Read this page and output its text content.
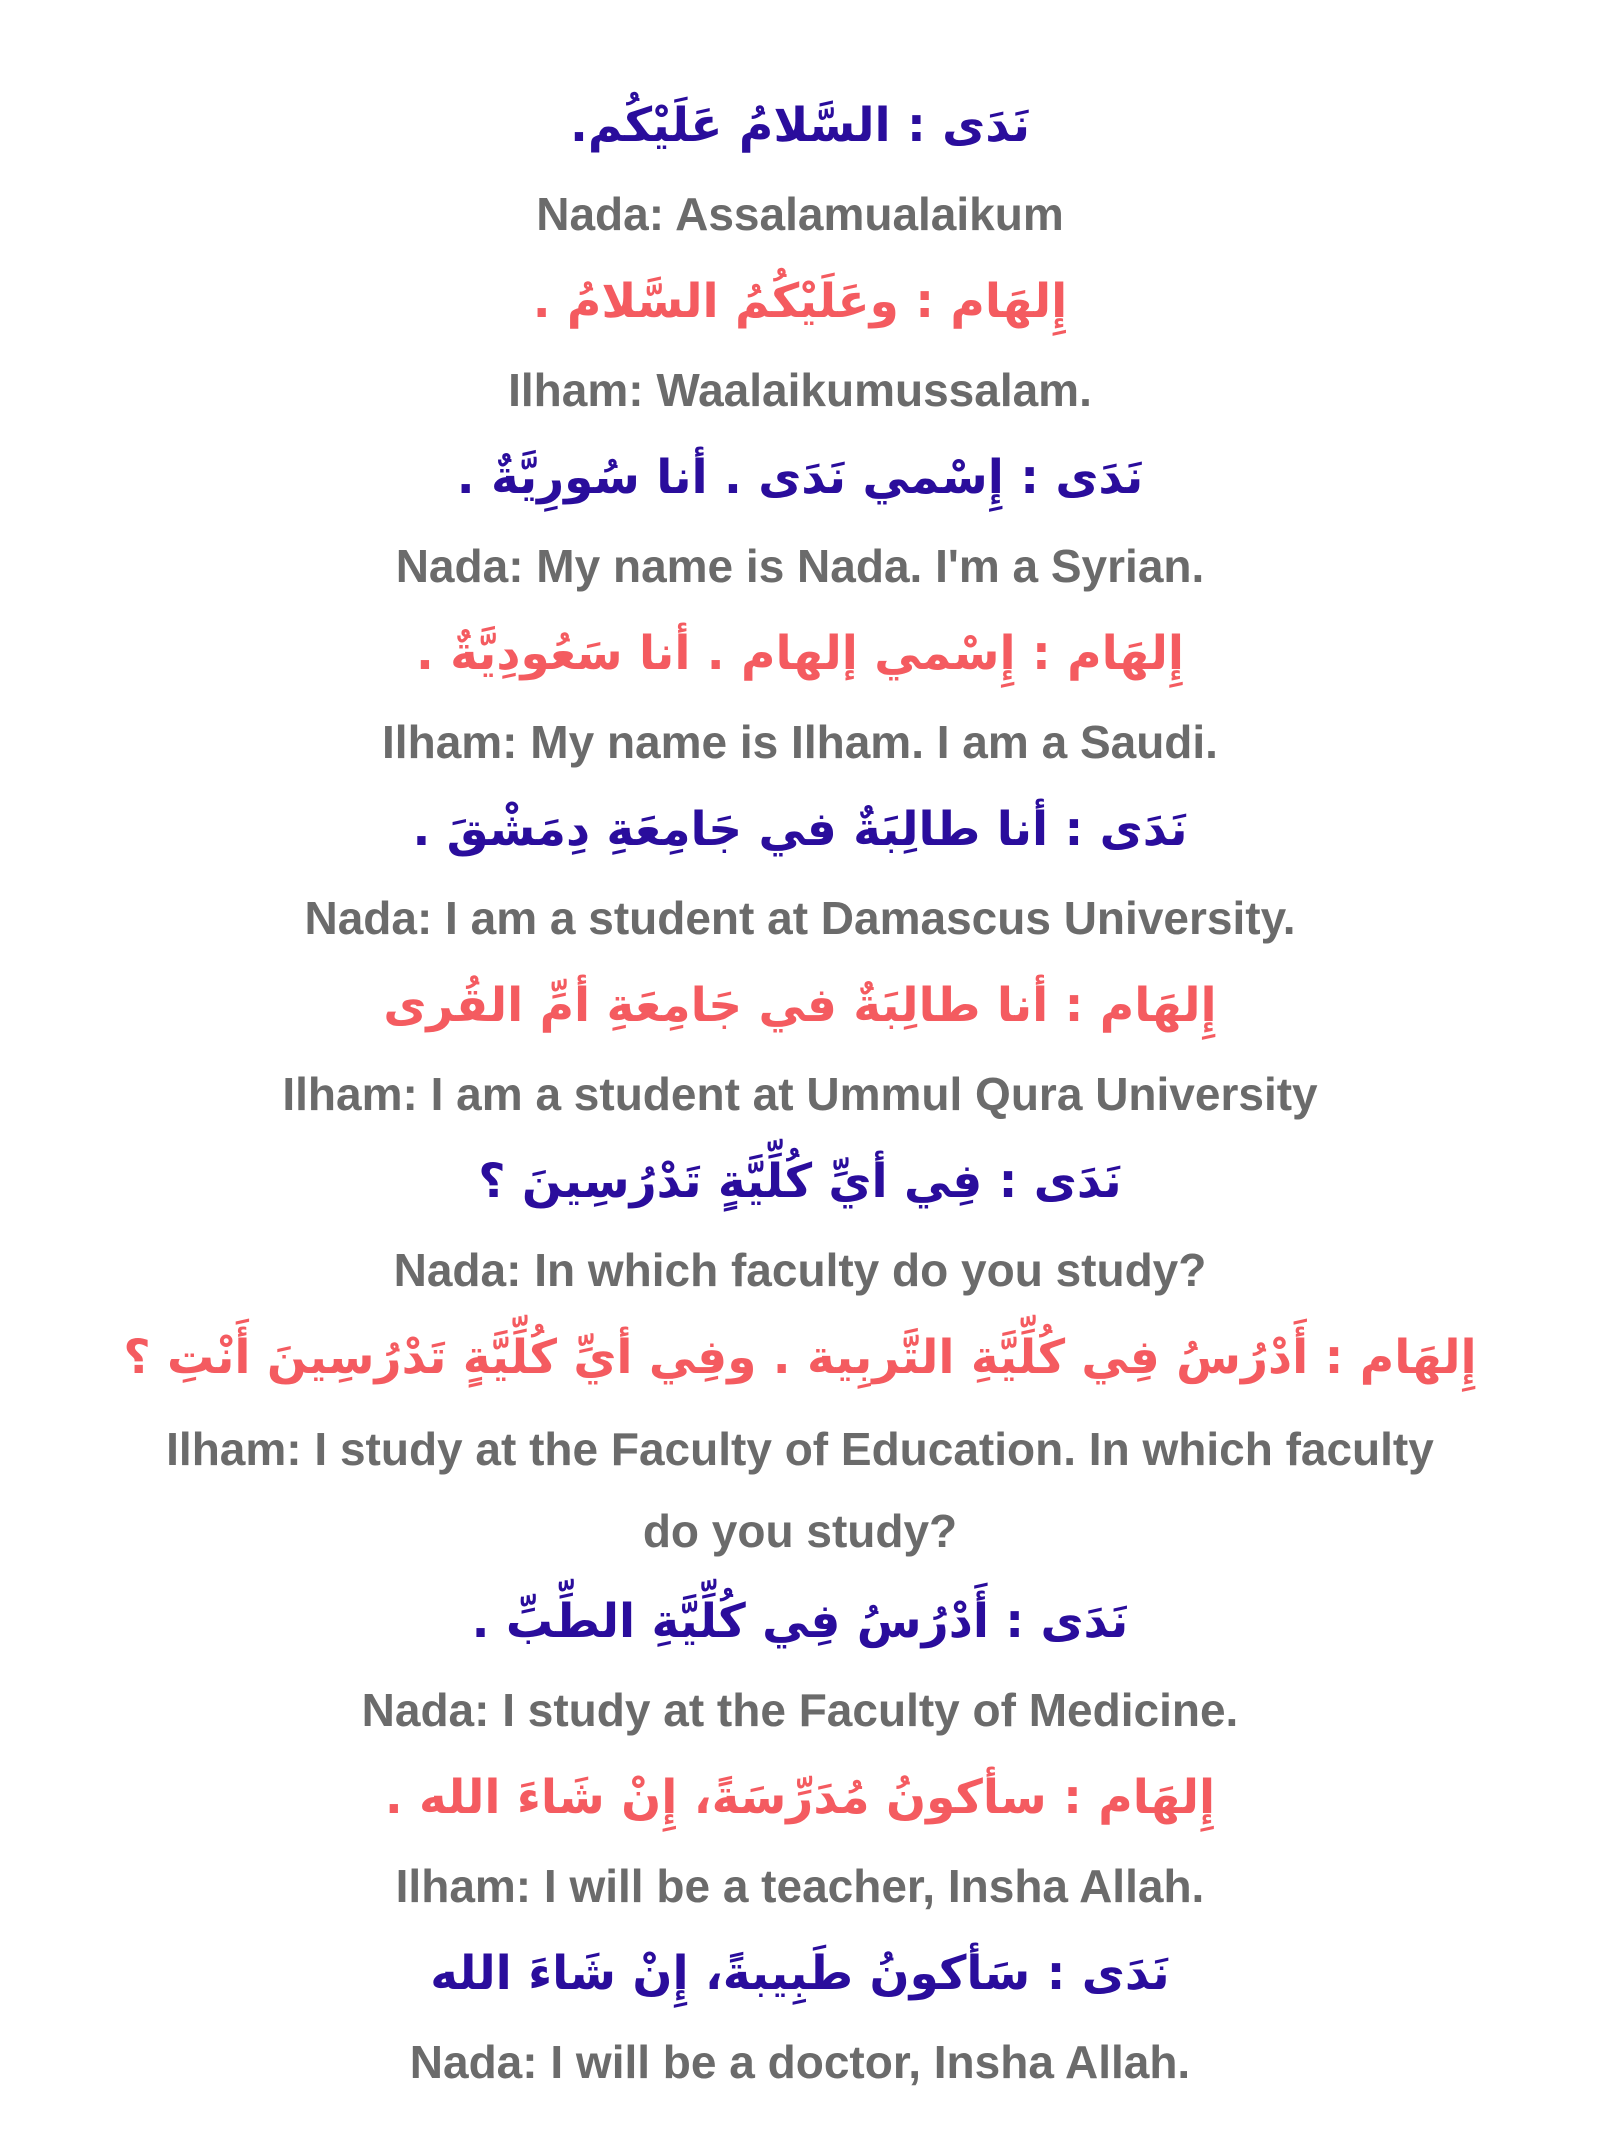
نَدَى : السَّلامُ عَلَيْكُم.
Nada: Assalamualaikum
إِلهَام : وعَلَيْكُمُ السَّلامُ .
Ilham: Waalaikumussalam.
نَدَى : إِسْمي نَدَى . أنا سُورِيَّةٌ .
Nada: My name is Nada. I'm a Syrian.
إِلهَام : إِسْمي إلهام . أنا سَعُودِيَّةٌ .
Ilham: My name is Ilham. I am a Saudi.
نَدَى : أنا طالِبَةٌ في جَامِعَةِ دِمَشْقَ .
Nada: I am a student at Damascus University.
إِلهَام : أنا طالِبَةٌ في جَامِعَةِ أمِّ القُرى
Ilham: I am a student at Ummul Qura University
نَدَى : فِي أيِّ كُلِّيَّةٍ تَدْرُسِينَ ؟
Nada: In which faculty do you study?
إِلهَام : أَدْرُسُ فِي كُلِّيَّةِ التَّربِية . وفِي أيِّ كُلِّيَّةٍ تَدْرُسِينَ أَنْتِ ؟
Ilham: I study at the Faculty of Education. In which faculty do you study?
نَدَى : أَدْرُسُ فِي كُلِّيَّةِ الطِّبِّ .
Nada: I study at the Faculty of Medicine.
إِلهَام : سأكونُ مُدَرِّسَةً، إِنْ شَاءَ الله .
Ilham: I will be a teacher, Insha Allah.
نَدَى : سَأكونُ طَبِيبةً، إِنْ شَاءَ الله
Nada: I will be a doctor, Insha Allah.
